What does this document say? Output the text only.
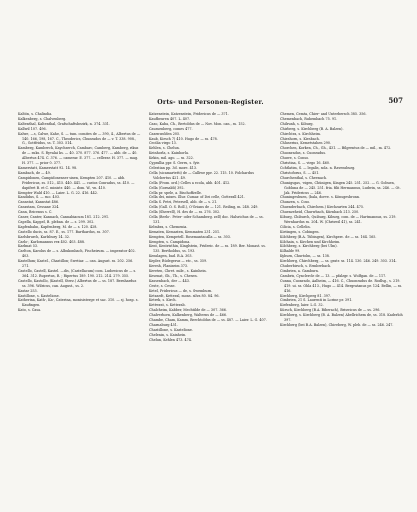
Orts- und Personen-Register.	507

Kaltön, s. Chalindia.

Kalkenberg, s. Chalvenberg.

Kaltenthal, Kaltenthal, Grafschaftsbezirk, n. 374. 331.

Kallwil 107. 496.

Kalwe, —s, Calwe, Kahe, S. — tum. comites de — 390, 4., Albertus de — 140. 166, 198, 167. C., Theoderics, Chunrados de — v. T. 338. 908., G., Gottfridus, ss. T. 303. 514.

Kamberg, Kamberch, Kaychserch, Cambarc, Camberg, Kamberg, rikus de — suks. S. Ryvalai ks. — 40. 370. 877. 376. 477. — abb. de — 40. Albertus 474. C. 376. — camerar. E. 377. — cellerar. H. 377. — mag. H. 377. — prior 0. 377.

Kamerstatt, Kamerstatt 92. 14. 98.

Kambach, de — 49.

Campidonen, Campidonenser sixen, Kempten 207. 410. — abb. Fridericus, ss. 512., 415. 440. 441. — custos Conradus, ss. 410. — dapifert B. et C. ministr. 440. — dom. W., vn. 410.

Kempter Wald 410. — Laier. L. G. 22. 416. 442.

Kandidus, S. — suc. 403.

Cannstat, Kannstat 486.

Canzstam, Cessane 324.

Cann, Bricenus s. C.

Caner, Canter, Kannach, Cannabiacum 181. 212. 291.

Capella, Kappel, B. pleban. de — s. 299. 302.

Kapfenbahn, Kapfenberg, M. de — s. 120. 428.

Castello ducis, ss. 87. E., ss. 177. Barthardus, ss. 307.

Karlsbrurch, Karlsbury 14. 32.

Carlo-, Karlomannus rex 402. 403. 488.

Karlmat 53.

Carlton, Karolus de — s. Albukonbach, Fischeirum. — imperator 402. 403.

Kastellum; Kastel., Chastillon; Swetiar. — can. August. ss. 202. 256. 271.

Castello, Castell, Kastel. —dis, (Castellacum) com. Ludowicus de — s. 364. 312. Rupertus, R. ; Ripertus 189. 190. 212. 214. 279. 355.

Castello, Kastollo, (Kastell, Sterz.) Albertus de — ss. 187. Bernhardus ss. 396. Wilricus, can. August., ss. 2.

Kastar 253.

Kastillone, s. Kastelione.

Katherina, Kath-, Ka-, Caterina, monisisterge et sac. 310. — sj. hosp. s. Kaufingen.

Kato, s. Casa.

Katzenstein, Katzenstein, Fridericus de — 371.

Kaufbeuren 407. L. 407.

Cazo, Kaba, Ch., Bertoldus de — Nov. Mon. can., ss. 152.

Caussenberg, comes 477.

Cazenwolden 205.

Kaub, Kirsch 7) 410. Hugo de — ss. 478.

Cecilia virgo 13.

Kehlen, s. Chelun.

Keinhorla, s. Kainhorla.

Kekin, mil. ago. — ss. 322.

Cyprallia ppr. S. Gerru, s. fyir.

Celestian pp. 3d. more. 413.

Cella (sicamartetti) de — Calliwe ppr. 22. 115. 10. Folchardus Volcbertus 421. 49.

Cella (From. ord.) Celles a ecola, abb. 401. 412.

Cella (Gornaldi) 392.

Cella pr. spele, a. Bischoffzelle.

Cella dei, mixes. Illur. Cumar. of Dei celle, Gotterall 421.

Cella S. Petri, Petersell, abb. de — s. 21.

Cella (Gall. O. S. Roll.), O'Grians de — 121. Reiling, m. 248. 249.

Cella (Sherrell), H. des de — ss. 276. 302.

Cella (Berlo-. Peter- oder Schamberg. zell) doc. Halsrichus de — ss. 131.

Kelmbra, s. Chemenia.

Kematen, Kemasten, Kemmaten 231. 251.

Kempten, Kempetell. Rosemantacalla — ss. 303.

Kempten, s. Campidona.

Kent, Kentristhin, Kinglstein, Frideric. de — ss. 189. Ber. Monast. ss. 135. Bertholdus, ss. 193.

Kenslagen, bad. B.A. 303.

Kepler, Rüdegerus — etc., ss. 359.

Keresh, Flaniseim 373.

Kereten, Chret. mile., s. Kainhein.

Kesenat, Gh., Th., s. Chesen.

Kassenbach, der — 443.

Ceste, s. Cesse.

Ketel, Fridericus — de, s. Swemburn.

Ketzardt, Ketteral, mons. silva 80. 84. 96.

Ketrek, s. Kirch.

Kettwrat, s. Ketterab.

Chalcheim, Kabber, Mechtilde de — 307. 366.

Chalverhorn, Kalkenberg, Walterns de — 466.

Chambe, Cham, Kamm, Berchtoldus de — ss. 487. — Laier. L. G. 407.

Charnaburg 451.

Chastillone, s. Kastelione.

Chelenin, s. Kainhein.

Chelun, Kehlen 473. 474.

Chemen, Cemta, Chier- and Unterbersch 385. 356.

Chemenbach, Ruhembach 75. 91.

Chilrunh, s. Kiburg.

Chirberg, s. Kirchberg (B. A. Balzen).

Chirchtra, s. Kirchheim.

Chieshorn, s. Kiesbach.

Chluserius, Kemetstahen 290.

Chorchen, Korken, Ch., Gh., 431. — Bilgrentus de — mil., m. 472.

Chuonradus, s. Cuonradus.

Chuwe, s. Conso.

Christina, S. — virgo 16. 460.

Cohtlatim, S. — legalis, sola. n. Ravensburg.

Christoforus, S. — 451.

Churchenthal, s. Cheenach.

Chunigsgas, -eigen, Chünigen, Kingen 245. 251. 252. — G. Gobuen, Gobluna de — 245. 251. fria. filii Hermannus, Ludwin, ss. 246. — Ot. Jak. Fridericus — 246.

Chuningesbuen, (bala, dorve. s. Könsgesbronn.

Chunzen, s. Coso.

Chuenderbach, Chirchem.) Kirchzarten 244. 475.

Chuenzeheid, Churwbach, Kürnbach 213. 250.

Kiburg, Chiburch, Quiburg, Kiburg, com. de — Hartmannus, ss. 219. Wernhardus ss. 204. W. (Chriswil 41), ss. 241.

Cilicia, s. Cellelin.

Kietingen, s. Cobingen.

Kilchberg (B.A. Tübingen), Kirchperc. de — ss. 164. 165.

Kilchain, s. Kirchen und Kirchheim.

Kilchberg, s. Kirchberg (bei Ulm).

Kilhalde 99.

Kyburn, Churtolm, — ss. 138.

Kirchberg, Chirchberg, — ss. gratr. ss. 114. 130. 246. 249. 303. 314.

Chuberbirsch, s. Ermberbach.

Cimbrien, a. Gamburn.

Cambris, Cynclercle de — 13. — pfalzgr. s. Wolfgan. de — 117.

Cunna, Cuonrado, Aalheim, — 416. C., Chuonradus de. Rodlsg., s. 219. 419. ui. ss. Ohla 413., Hugo — 414. Bergratanus pr. 124. Bellin, — ss. 416.

Kirchberg, Kirchperg 81. 397.

Cimbrien, 21 S. Laurenti in Lorine pr. 391.

Kiefenberg, laier. L.G. 32.

Kürsch, Kirchberg (B.A. Biberach), Briswicus de — ss. 296.

Kirchberg, s. Kirchberg (B. A. Balzen) Abellrichem de, ss. 318. Kaderloh 397.

Kirchberg (bei B.A. Balzen), Chireberg, W. pleb. de — ss. 246. 247.
